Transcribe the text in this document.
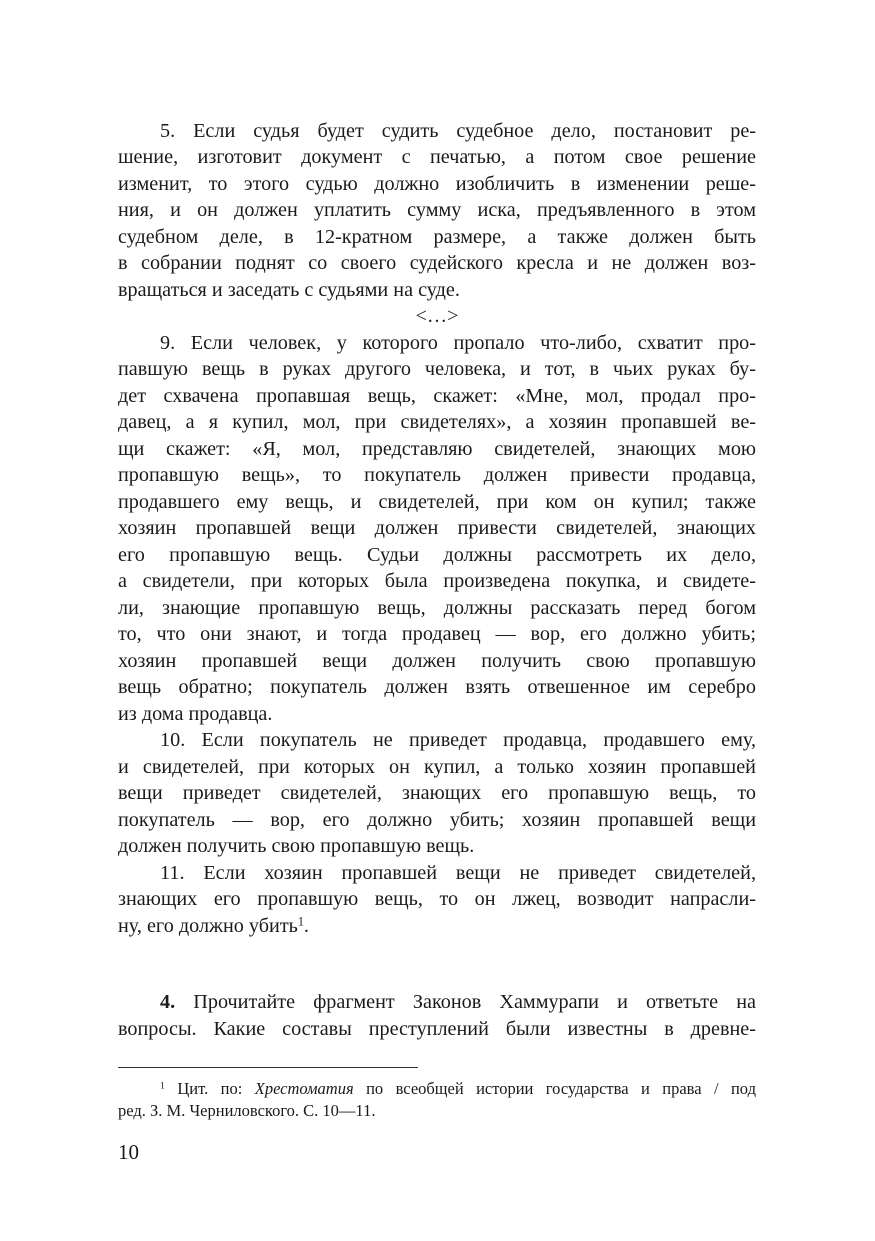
5. Если судья будет судить судебное дело, постановит ре-
шение, изготовит документ с печатью, а потом свое решение
изменит, то этого судью должно изобличить в изменении реше-
ния, и он должен уплатить сумму иска, предъявленного в этом
судебном деле, в 12-кратном размере, а также должен быть
в собрании поднят со своего судейского кресла и не должен воз-
вращаться и заседать с судьями на суде.
<…>
9. Если человек, у которого пропало что-либо, схватит про-
павшую вещь в руках другого человека, и тот, в чьих руках бу-
дет схвачена пропавшая вещь, скажет: «Мне, мол, продал про-
давец, а я купил, мол, при свидетелях», а хозяин пропавшей ве-
щи скажет: «Я, мол, представляю свидетелей, знающих мою
пропавшую вещь», то покупатель должен привести продавца,
продавшего ему вещь, и свидетелей, при ком он купил; также
хозяин пропавшей вещи должен привести свидетелей, знающих
его пропавшую вещь. Судьи должны рассмотреть их дело,
а свидетели, при которых была произведена покупка, и свидете-
ли, знающие пропавшую вещь, должны рассказать перед богом
то, что они знают, и тогда продавец — вор, его должно убить;
хозяин пропавшей вещи должен получить свою пропавшую
вещь обратно; покупатель должен взять отвешенное им серебро
из дома продавца.
10. Если покупатель не приведет продавца, продавшего ему,
и свидетелей, при которых он купил, а только хозяин пропавшей
вещи приведет свидетелей, знающих его пропавшую вещь, то
покупатель — вор, его должно убить; хозяин пропавшей вещи
должен получить свою пропавшую вещь.
11. Если хозяин пропавшей вещи не приведет свидетелей,
знающих его пропавшую вещь, то он лжец, возводит напрасли-
ну, его должно убить$^1$.
4. Прочитайте фрагмент Законов Хаммурапи и ответьте на
вопросы. Какие составы преступлений были известны в древне-
$^1$ Цит. по: Хрестоматия по всеобщей истории государства и права / под
ред. З. М. Черниловского. С. 10—11.
10
